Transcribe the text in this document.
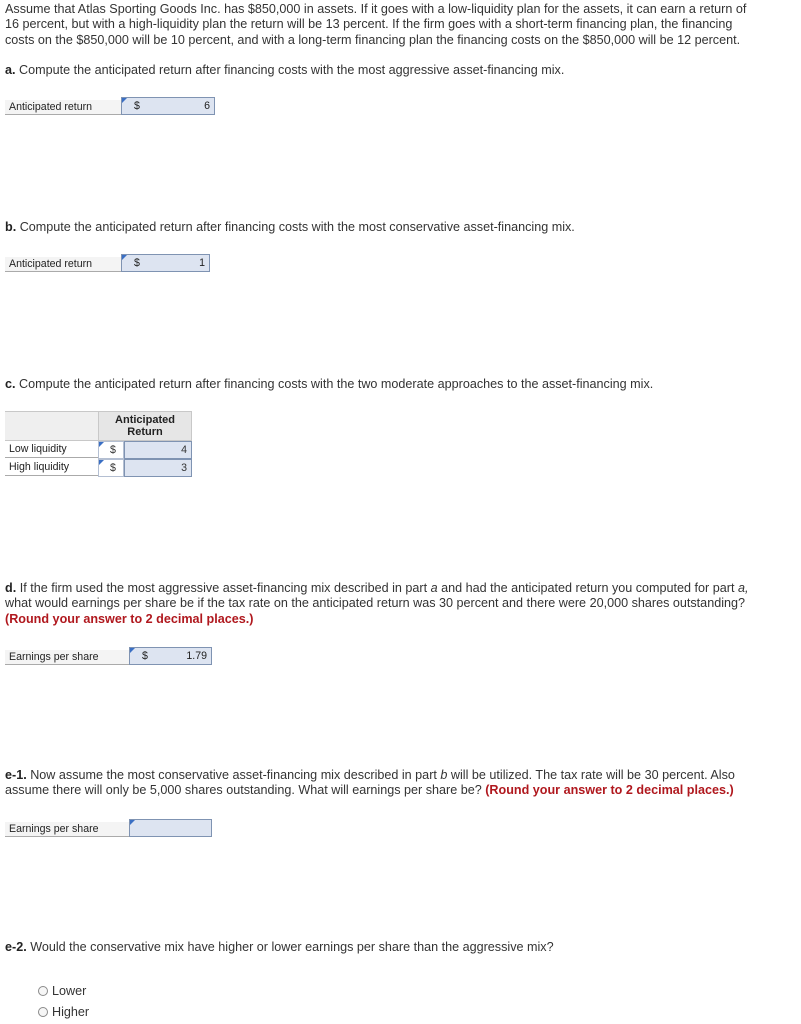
Assume that Atlas Sporting Goods Inc. has $850,000 in assets. If it goes with a low-liquidity plan for the assets, it can earn a return of
16 percent, but with a high-liquidity plan the return will be 13 percent. If the firm goes with a short-term financing plan, the financing
costs on the $850,000 will be 10 percent, and with a long-term financing plan the financing costs on the $850,000 will be 12 percent.
a. Compute the anticipated return after financing costs with the most aggressive asset-financing mix.
Anticipated return	$	6
b. Compute the anticipated return after financing costs with the most conservative asset-financing mix.
Anticipated return	$	1
c. Compute the anticipated return after financing costs with the two moderate approaches to the asset-financing mix.
Anticipated
Return
Low liquidity	$	4
High liquidity	$	3
d. If the firm used the most aggressive asset-financing mix described in part a and had the anticipated return you computed for part a,
what would earnings per share be if the tax rate on the anticipated return was 30 percent and there were 20,000 shares outstanding?
(Round your answer to 2 decimal places.)
Earnings per share	$	1.79
e-1. Now assume the most conservative asset-financing mix described in part b will be utilized. The tax rate will be 30 percent. Also
assume there will only be 5,000 shares outstanding. What will earnings per share be? (Round your answer to 2 decimal places.)
Earnings per share
e-2. Would the conservative mix have higher or lower earnings per share than the aggressive mix?
Lower
Higher
